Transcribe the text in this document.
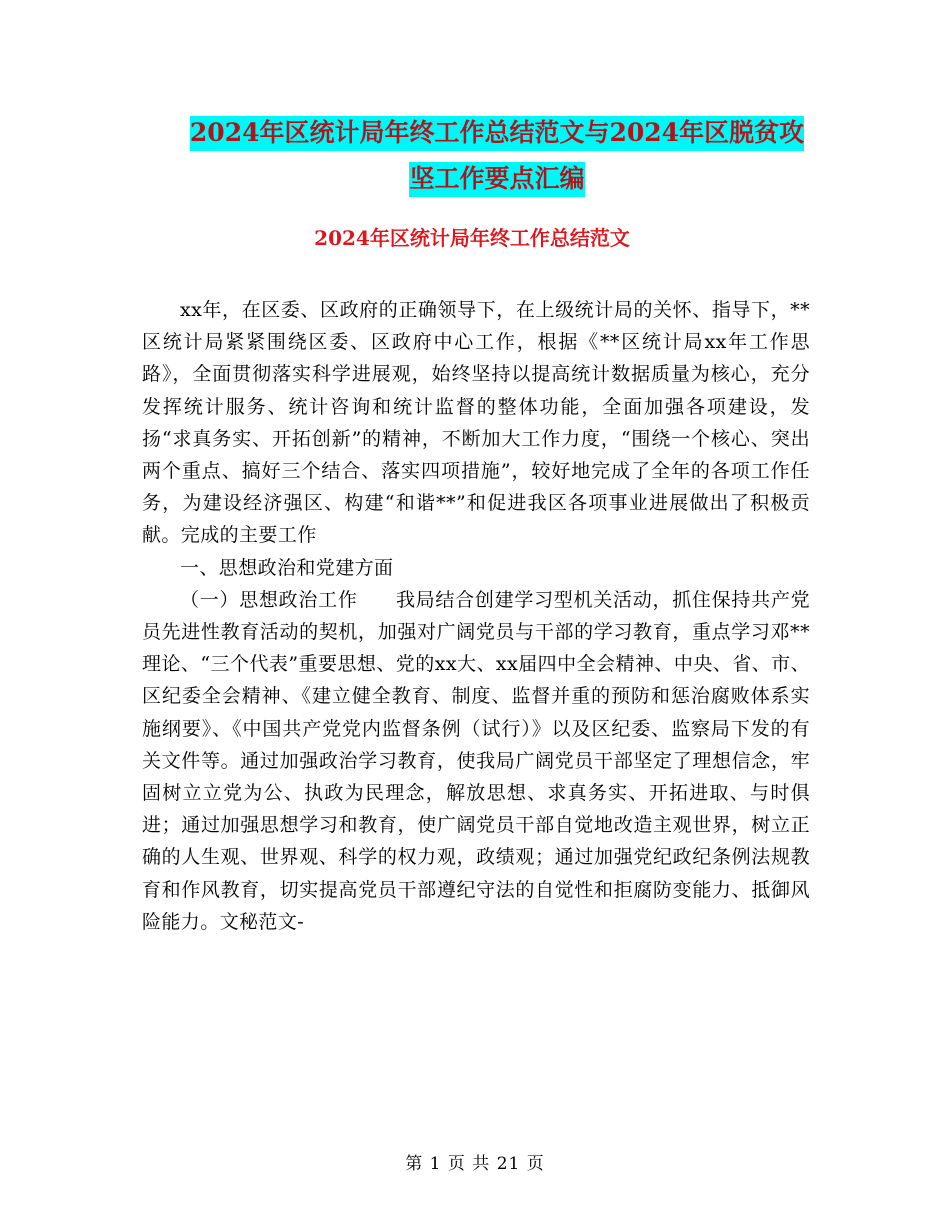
2024年区统计局年终工作总结范文与2024年区脱贫攻
坚工作要点汇编
2024年区统计局年终工作总结范文

xx年，在区委、区政府的正确领导下，在上级统计局的关怀、指导下，**区统计局紧紧围绕区委、区政府中心工作，根据《**区统计局xx年工作思路》，全面贯彻落实科学进展观，始终坚持以提高统计数据质量为核心，充分发挥统计服务、统计咨询和统计监督的整体功能，全面加强各项建设，发扬“求真务实、开拓创新”的精神，不断加大工作力度，“围绕一个核心、突出两个重点、搞好三个结合、落实四项措施”，较好地完成了全年的各项工作任务，为建设经济强区、构建“和谐**”和促进我区各项事业进展做出了积极贡献。完成的主要工作

一、思想政治和党建方面

（一）思想政治工作 我局结合创建学习型机关活动，抓住保持共产党员先进性教育活动的契机，加强对广阔党员与干部的学习教育，重点学习邓**理论、“三个代表”重要思想、党的xx大、xx届四中全会精神、中央、省、市、区纪委全会精神、《建立健全教育、制度、监督并重的预防和惩治腐败体系实施纲要》、《中国共产党党内监督条例（试行）》以及区纪委、监察局下发的有关文件等。通过加强政治学习教育，使我局广阔党员干部坚定了理想信念，牢固树立立党为公、执政为民理念，解放思想、求真务实、开拓进取、与时俱进；通过加强思想学习和教育，使广阔党员干部自觉地改造主观世界，树立正确的人生观、世界观、科学的权力观，政绩观；通过加强党纪政纪条例法规教育和作风教育，切实提高党员干部遵纪守法的自觉性和拒腐防变能力、抵御风险能力。文秘范文-

第 1 页 共 21 页
